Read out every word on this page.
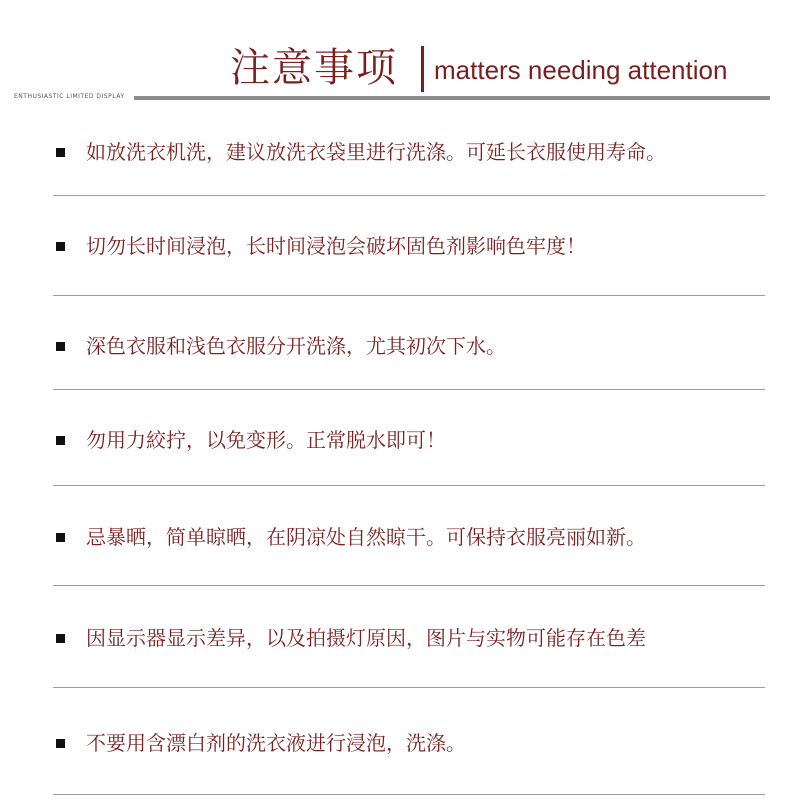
注意事项 matters needing attention
ENTHUSIASTIC LIMITED DISPLAY
如放洗衣机洗，建议放洗衣袋里进行洗涤。可延长衣服使用寿命。
切勿长时间浸泡，长时间浸泡会破坏固色剂影响色牢度！
深色衣服和浅色衣服分开洗涤，尤其初次下水。
勿用力絞拧，以免变形。正常脱水即可！
忌暴晒，简单晾晒，在阴凉处自然晾干。可保持衣服亮丽如新。
因显示器显示差异，以及拍摄灯原因，图片与实物可能存在色差
不要用含漂白剂的洗衣液进行浸泡，洗涤。
